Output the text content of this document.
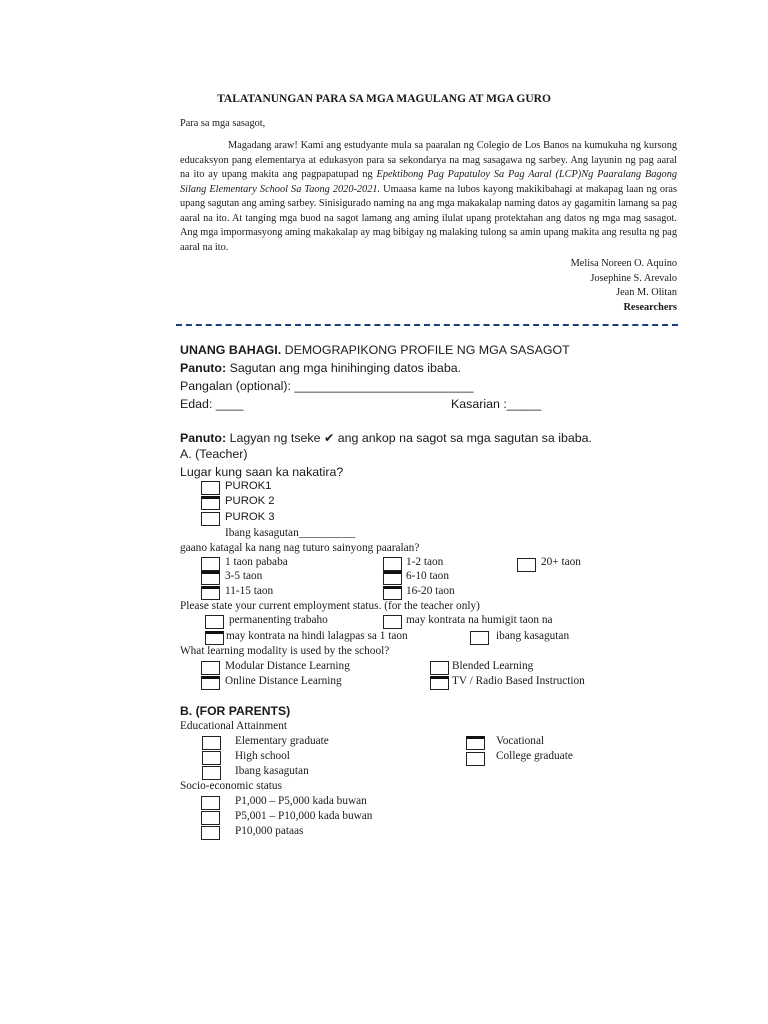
TALATANUNGAN PARA SA MGA MAGULANG AT MGA GURO
Para sa mga sasagot,
Magadang araw! Kami ang estudyante mula sa paaralan ng Colegio de Los Banos na kumukuha ng kursong educaksyon pang elementarya at edukasyon para sa sekondarya na mag sasagawa ng sarbey. Ang layunin ng pag aaral na ito ay upang makita ang pagpapatupad ng Epektibong Pag Papatuloy Sa Pag Aaral (LCP)Ng Paaralang Bagong Silang Elementary School Sa Taong 2020-2021. Umaasa kame na lubos kayong makikibahagi at makapag laan ng oras upang sagutan ang aming sarbey. Sinisigurado naming na ang mga makakalap naming datos ay gagamitin lamang sa pag aaral na ito. At tanging mga buod na sagot lamang ang aming ilulat upang protektahan ang datos ng mga mag sasagot. Ang mga impormasyong aming makakalap ay mag bibigay ng malaking tulong sa amin upang makita ang resulta ng pag aaral na ito.
Melisa Noreen O. Aquino
Josephine S. Arevalo
Jean M. Olitan
Researchers
UNANG BAHAGI. DEMOGRAPIKONG PROFILE NG MGA SASAGOT
Panuto: Sagutan ang mga hinihinging datos ibaba.
Pangalan (optional): __________________________
Edad: ____	Kasarian :_____
Panuto: Lagyan ng tseke ✔ ang ankop na sagot sa mga sagutan sa ibaba.
A. (Teacher)
Lugar kung saan ka nakatira?
PUROK1
PUROK 2
PUROK 3
Ibang kasagutan__________
gaano katagal ka nang nag tuturo sainyong paaralan?
1 taon pababa	1-2 taon	20+ taon
3-5 taon	6-10 taon
11-15 taon	16-20 taon
Please state your current employment status. (for the teacher only)
permanenting trabaho	may kontrata na humigit taon na
may kontrata na hindi lalagpas sa 1 taon	ibang kasagutan
What learning modality is used by the school?
Modular Distance Learning	Blended Learning
Online Distance Learning	TV / Radio Based Instruction
B. (FOR PARENTS)
Educational Attainment
Elementary graduate	Vocational
High school	College graduate
Ibang kasagutan
Socio-economic status
P1,000 – P5,000 kada buwan
P5,001 – P10,000 kada buwan
P10,000 pataas
